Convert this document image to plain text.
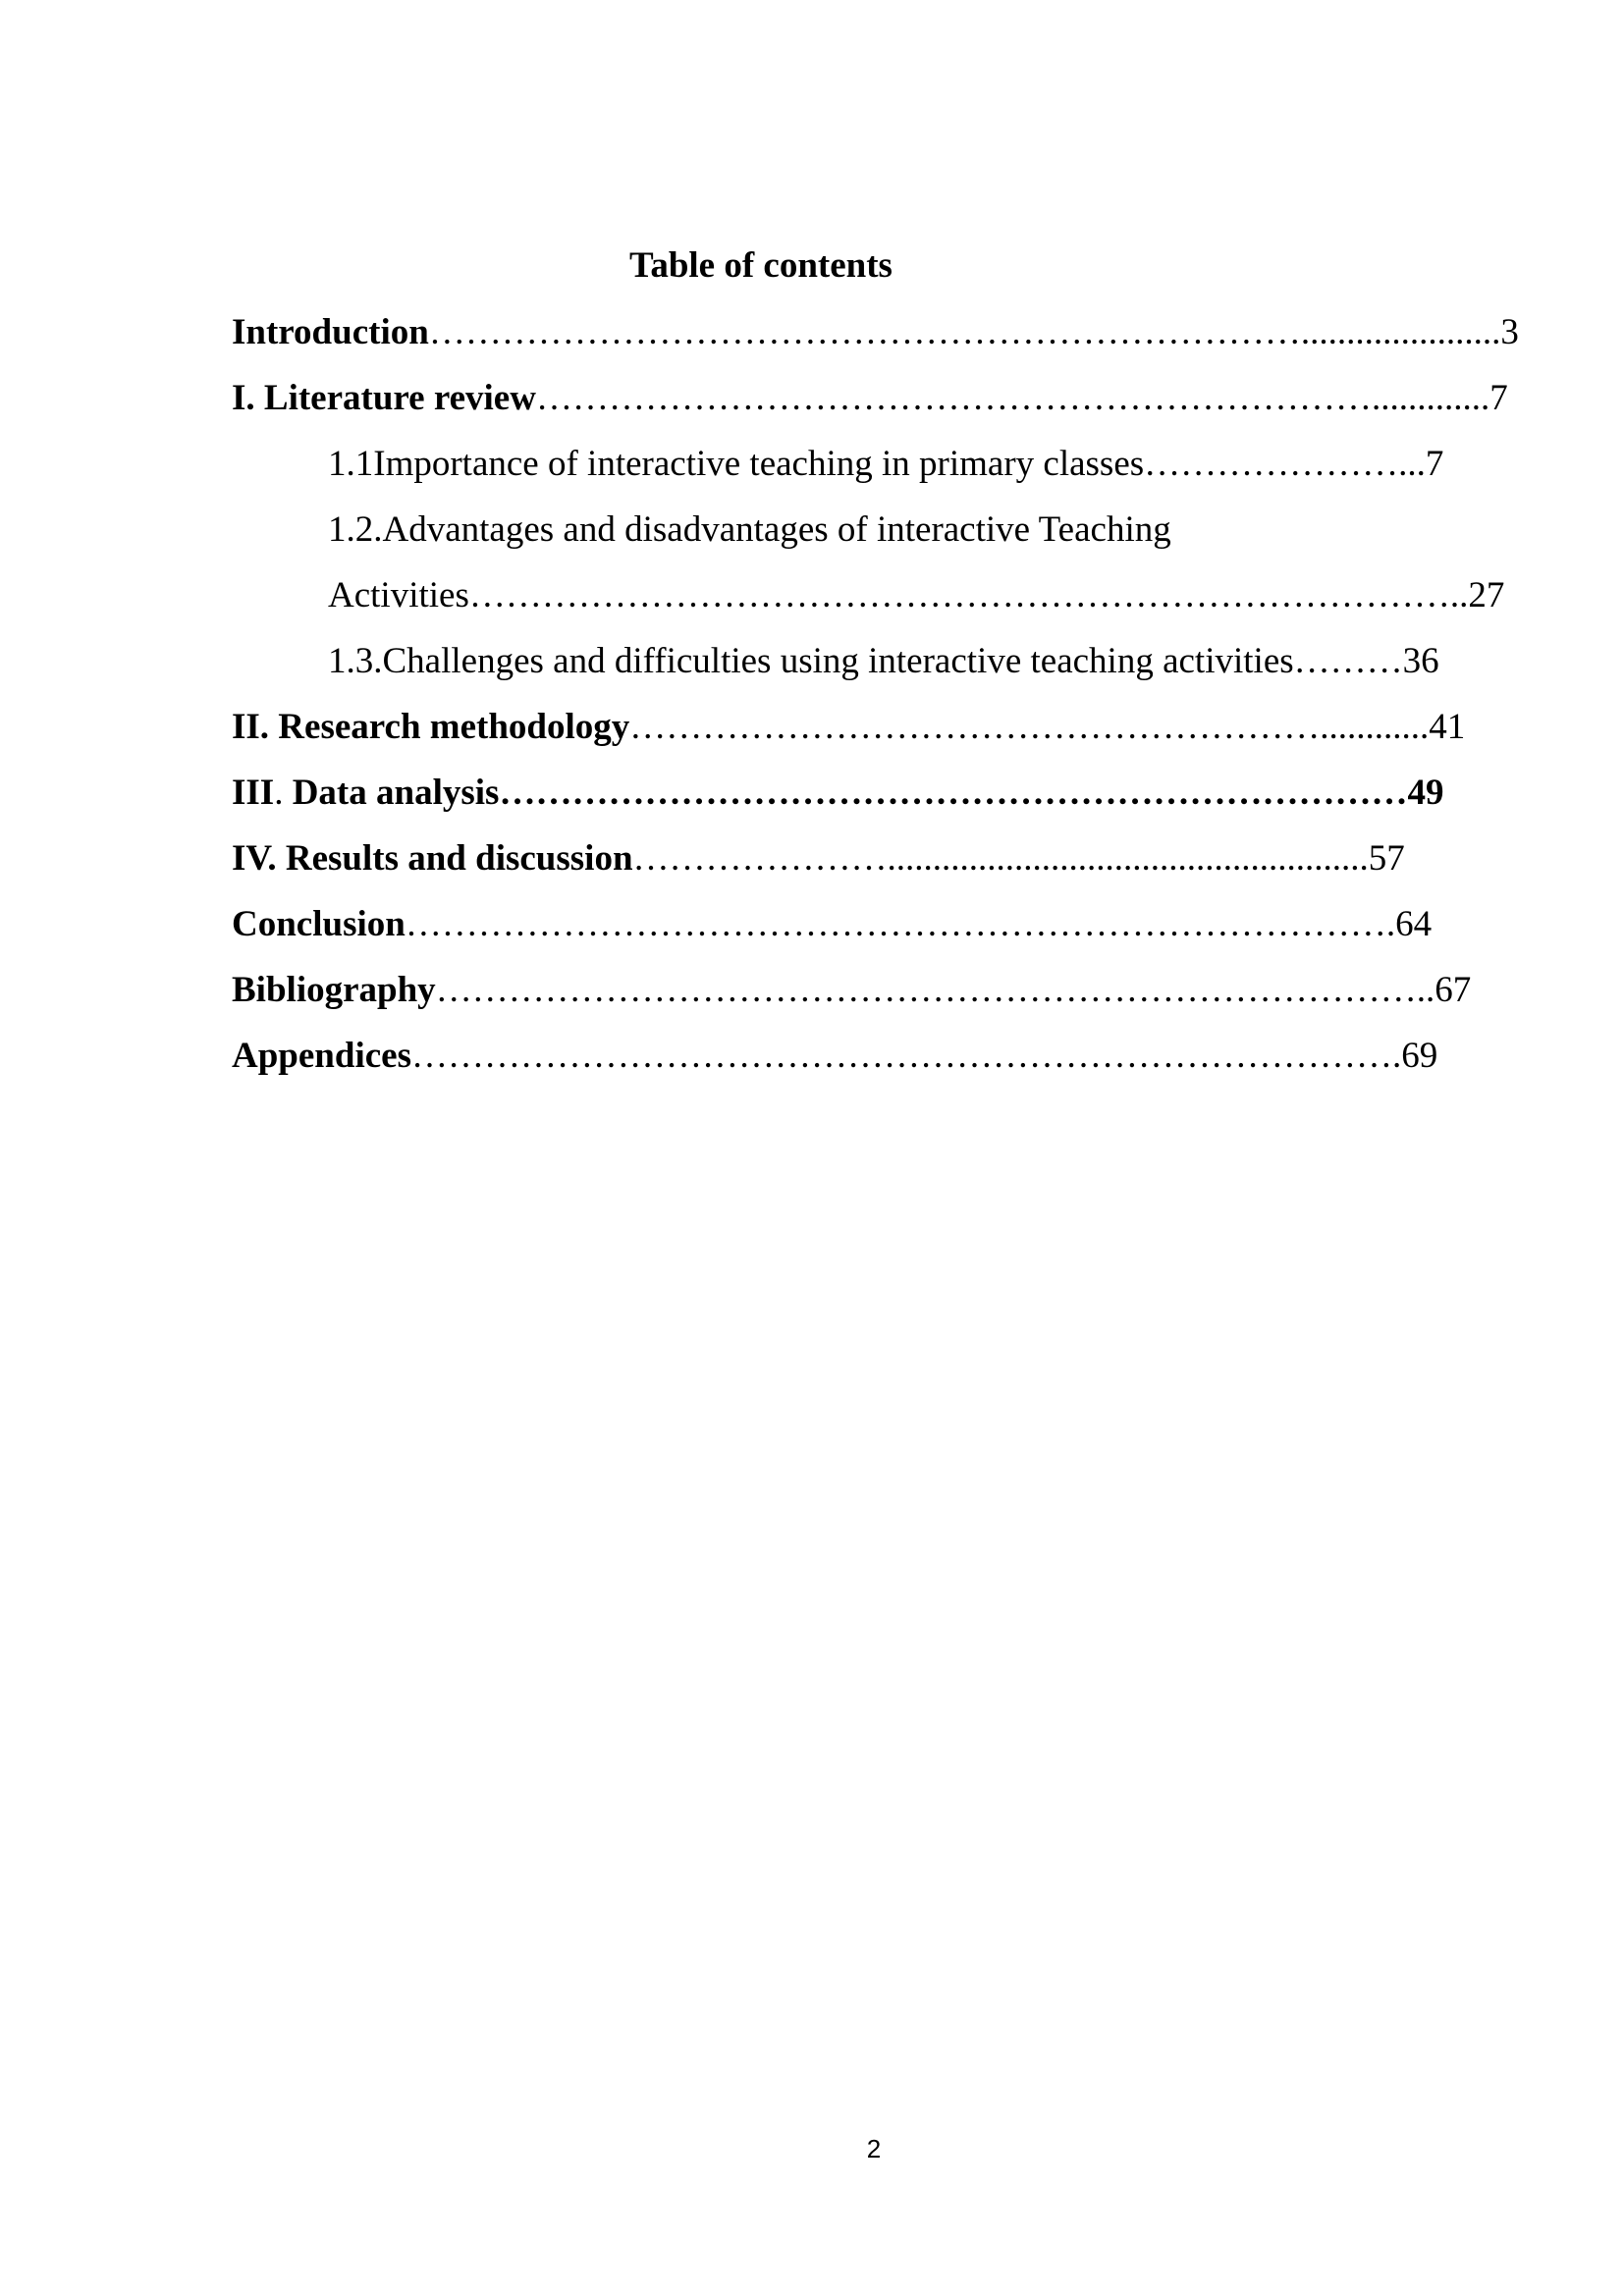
Table of contents
Introduction………………………………………………………………......................3
I. Literature review…………………………………………………………….............7
1.1Importance of interactive teaching in primary classes…………………...7
1.2.Advantages and disadvantages of interactive Teaching
Activities………………………………………………………………………..27
1.3.Challenges and difficulties using interactive teaching activities………36
II. Research methodology…………………………………………………............41
III. Data analysis…………………………………………………………………49
IV. Results and discussion………………….....................................................57
Conclusion……………………………………………………………………….64
Bibliography………………………………………………………………………..67
Appendices……………………………………………………………………….69
2
